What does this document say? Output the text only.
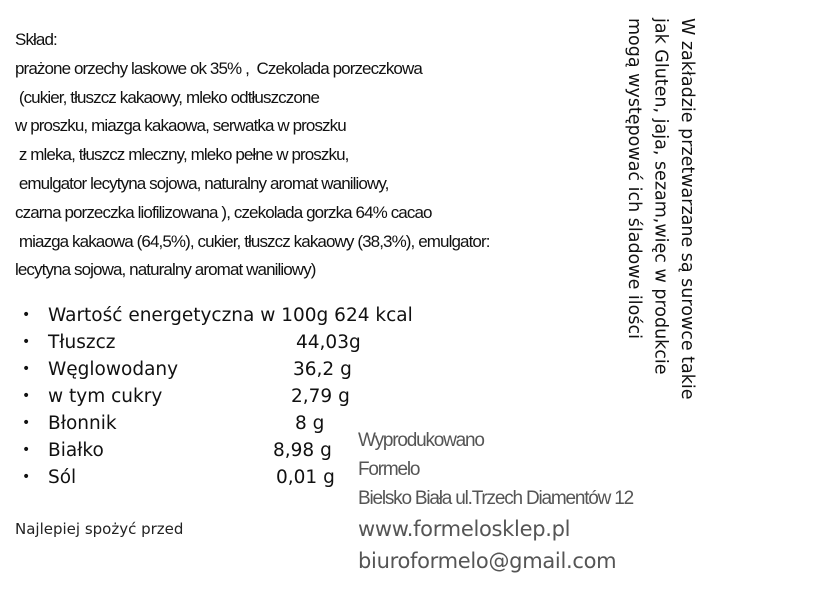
Skład:
prażone orzechy laskowe ok 35% ,  Czekolada porzeczkowa
(cukier, tłuszcz kakaowy, mleko odtłuszczone
w proszku, miazga kakaowa, serwatka w proszku
z mleka, tłuszcz mleczny, mleko pełne w proszku,
emulgator lecytyna sojowa, naturalny aromat waniliowy,
czarna porzeczka liofilizowana ), czekolada gorzka 64% cacao
miazga kakaowa (64,5%), cukier, tłuszcz kakaowy (38,3%), emulgator:
lecytyna sojowa, naturalny aromat waniliowy)
• Wartość energetyczna w 100g 624 kcal
• Tłuszcz	44,03g
• Węglowodany	36,2 g
• w tym cukry	2,79 g
• Błonnik	8 g
• Białko	8,98 g
• Sól	0,01 g
Najlepiej spożyć przed
Wyprodukowano
Formelo
Bielsko Biała ul.Trzech Diamentów 12
www.formelosklep.pl
biuroformelo@gmail.com
W zakładzie przetwarzane są surowce takie
jak Gluten, jaja, sezam,więc w produkcie
mogą występować ich śladowe ilości
